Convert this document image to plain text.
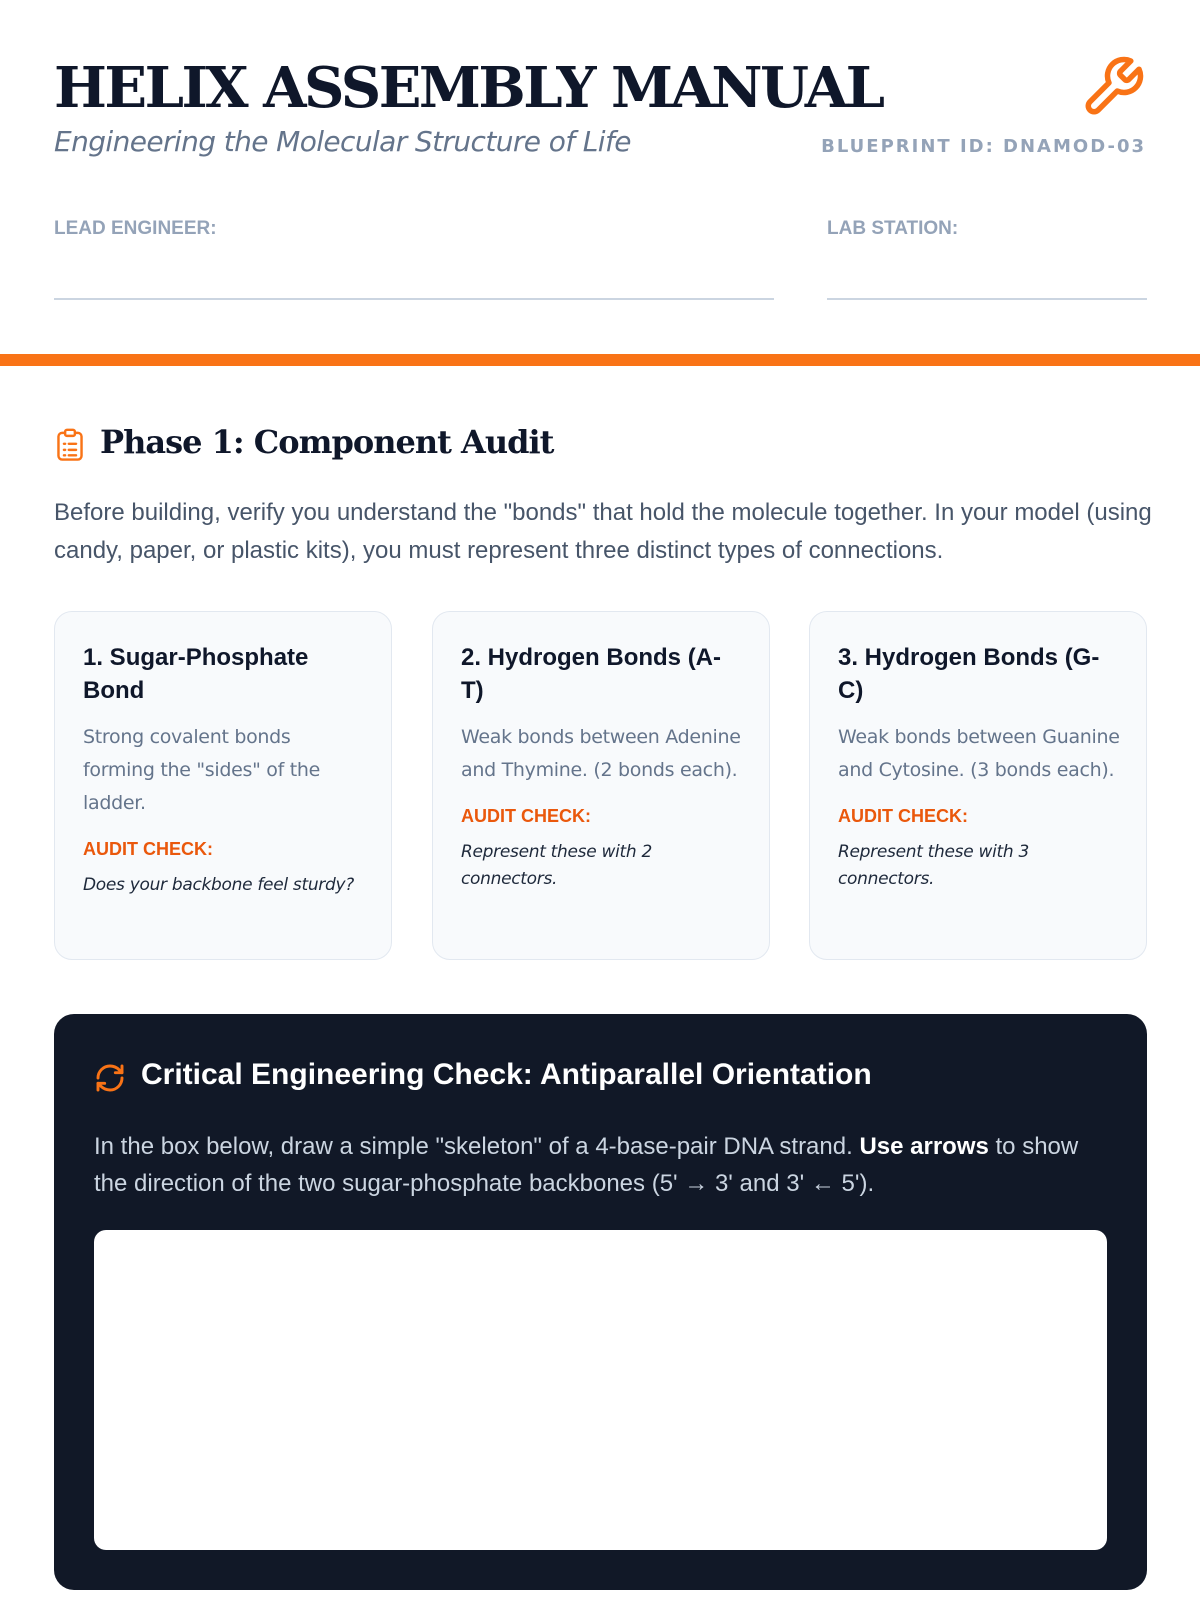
HELIX ASSEMBLY MANUAL
Engineering the Molecular Structure of Life	BLUEPRINT ID: DNAMOD-03
LEAD ENGINEER:	LAB STATION:
Phase 1: Component Audit
Before building, verify you understand the "bonds" that hold the molecule together. In your model (using candy, paper, or plastic kits), you must represent three distinct types of connections.
1. Sugar-Phosphate Bond
Strong covalent bonds forming the "sides" of the ladder.
AUDIT CHECK:
Does your backbone feel sturdy?
2. Hydrogen Bonds (A-T)
Weak bonds between Adenine and Thymine. (2 bonds each).
AUDIT CHECK:
Represent these with 2 connectors.
3. Hydrogen Bonds (G-C)
Weak bonds between Guanine and Cytosine. (3 bonds each).
AUDIT CHECK:
Represent these with 3 connectors.
Critical Engineering Check: Antiparallel Orientation
In the box below, draw a simple "skeleton" of a 4-base-pair DNA strand. Use arrows to show the direction of the two sugar-phosphate backbones (5' → 3' and 3' ← 5').
